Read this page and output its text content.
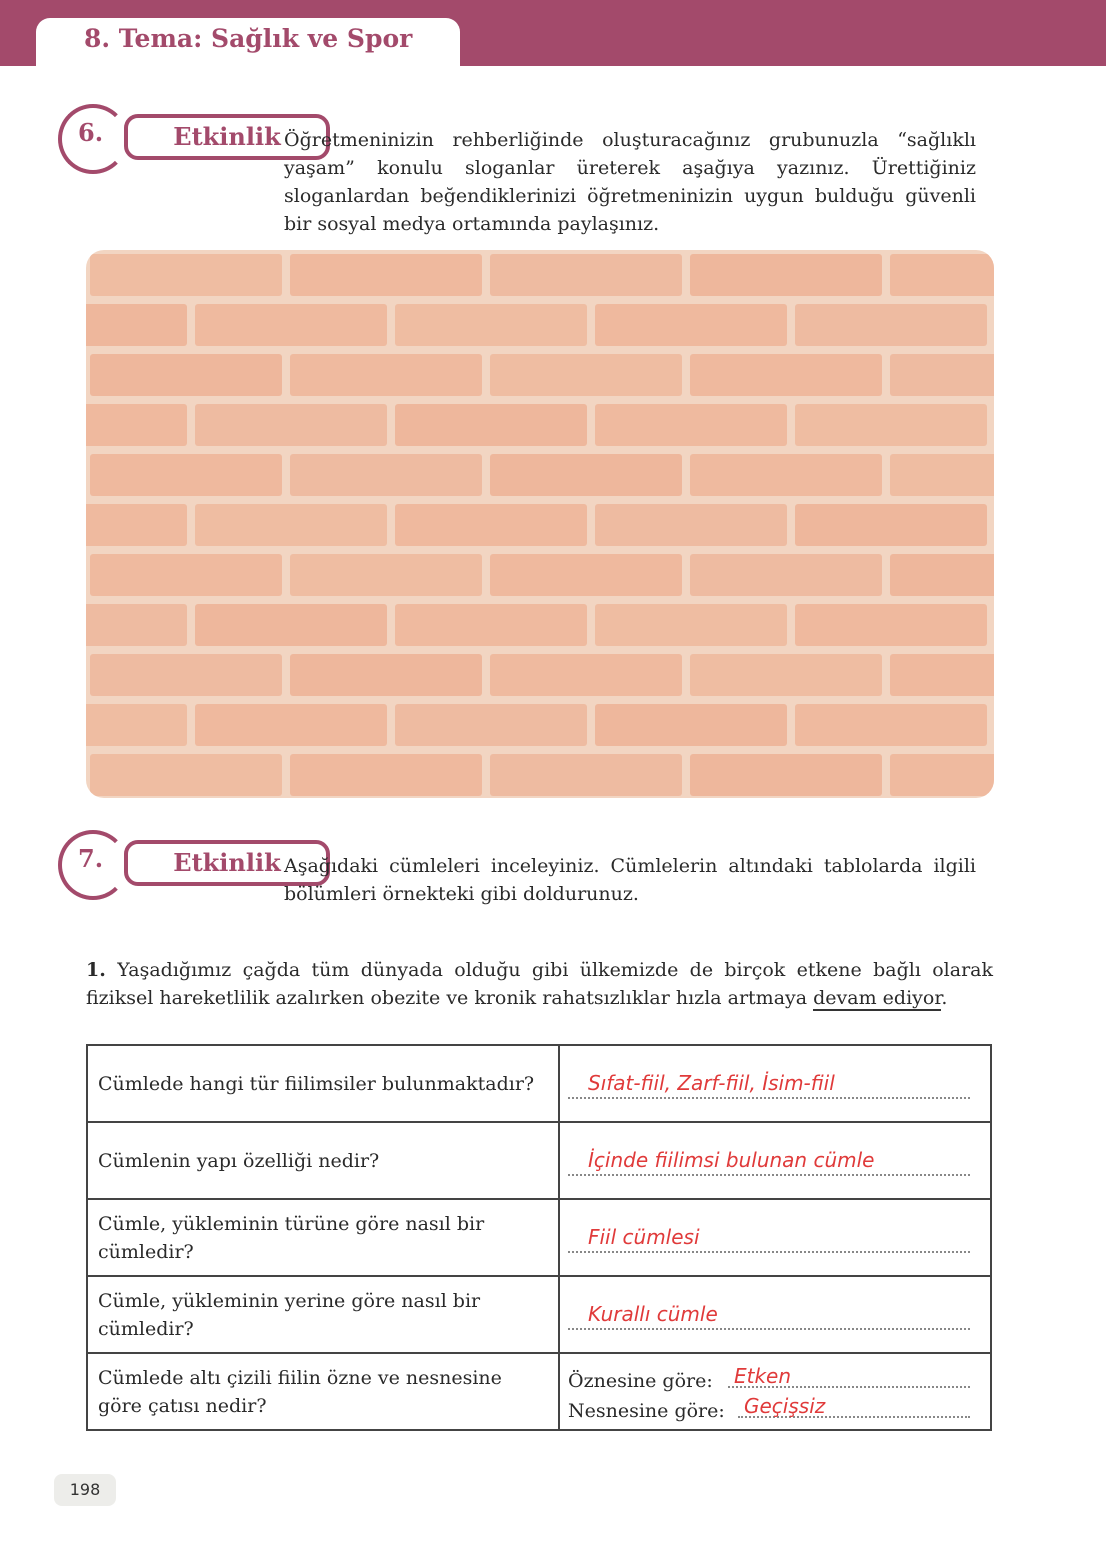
8. Tema: Sağlık ve Spor
6.	Etkinlik Öğretmeninizin rehberliğinde oluşturacağınız grubunuzla “sağlıklı yaşam” konulu sloganlar üreterek aşağıya yazınız. Ürettiğiniz sloganlardan beğendiklerinizi öğretmeninizin uygun bulduğu güvenli bir sosyal medya ortamında paylaşınız.
7.	Etkinlik Aşağıdaki cümleleri inceleyiniz. Cümlelerin altındaki tablolarda ilgili bölümleri örnekteki gibi doldurunuz.
1. Yaşadığımız çağda tüm dünyada olduğu gibi ülkemizde de birçok etkene bağlı olarak fiziksel hareketlilik azalırken obezite ve kronik rahatsızlıklar hızla artmaya devam ediyor.
Cümlede hangi tür fiilimsiler bulunmaktadır?	Sıfat-fiil, Zarf-fiil, İsim-fiil

Cümlenin yapı özelliği nedir?	İçinde fiilimsi bulunan cümle

Cümle, yükleminin türüne göre nasıl bir cümledir?	Fiil cümlesi

Cümle, yükleminin yerine göre nasıl bir cümledir?	Kurallı cümle

Cümlede altı çizili fiilin özne ve nesnesine göre çatısı nedir?	Öznesine göre: Etken
Nesnesine göre: Geçişsiz
198
